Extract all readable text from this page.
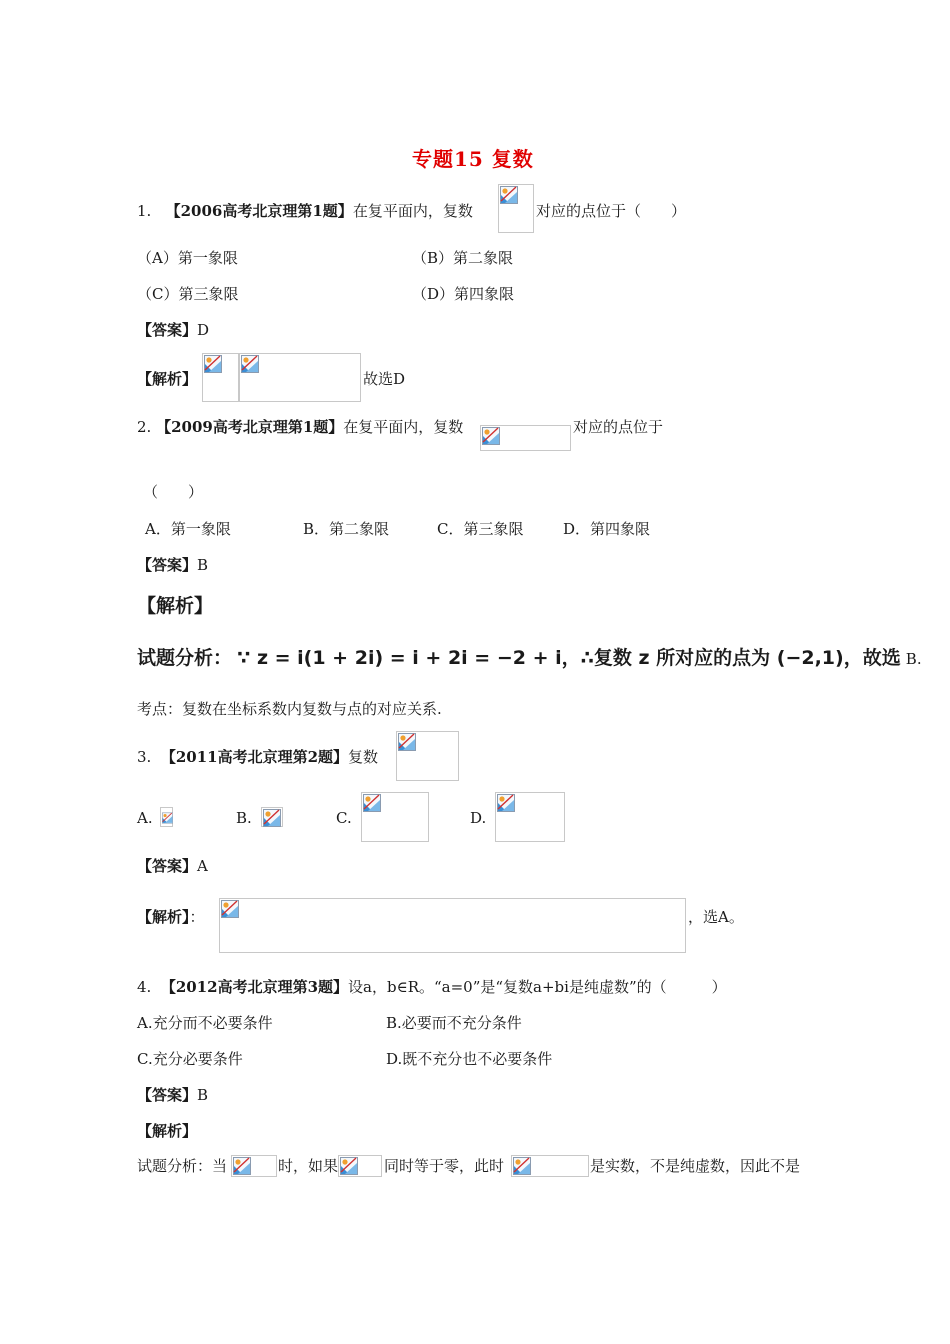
专题15 复数
1. 【2006高考北京理第1题】在复平面内，复数	对应的点位于（　　）
（A）第一象限	（B）第二象限
（C）第三象限	（D）第四象限
【答案】D
【解析】	故选D
2. 【2009高考北京理第1题】在复平面内，复数	对应的点位于
（　　）
A．第一象限	B．第二象限	C．第三象限	D．第四象限
【答案】B
【解析】
试题分析： ∵ z = i(1 + 2i) = i + 2i = −2 + i，∴复数 z 所对应的点为 (−2,1)，故选 B.
考点：复数在坐标系数内复数与点的对应关系.
3. 【2011高考北京理第2题】复数
A.	B.	C.	D.
【答案】A
【解析】：	，选A。
4. 【2012高考北京理第3题】设a，b∈R。“a=0”是“复数a+bi是纯虚数”的（　　　）
A.充分而不必要条件	B.必要而不充分条件
C.充分必要条件	D.既不充分也不必要条件
【答案】B
【解析】
试题分析：当	时，如果	同时等于零，此时	是实数，不是纯虚数，因此不是
